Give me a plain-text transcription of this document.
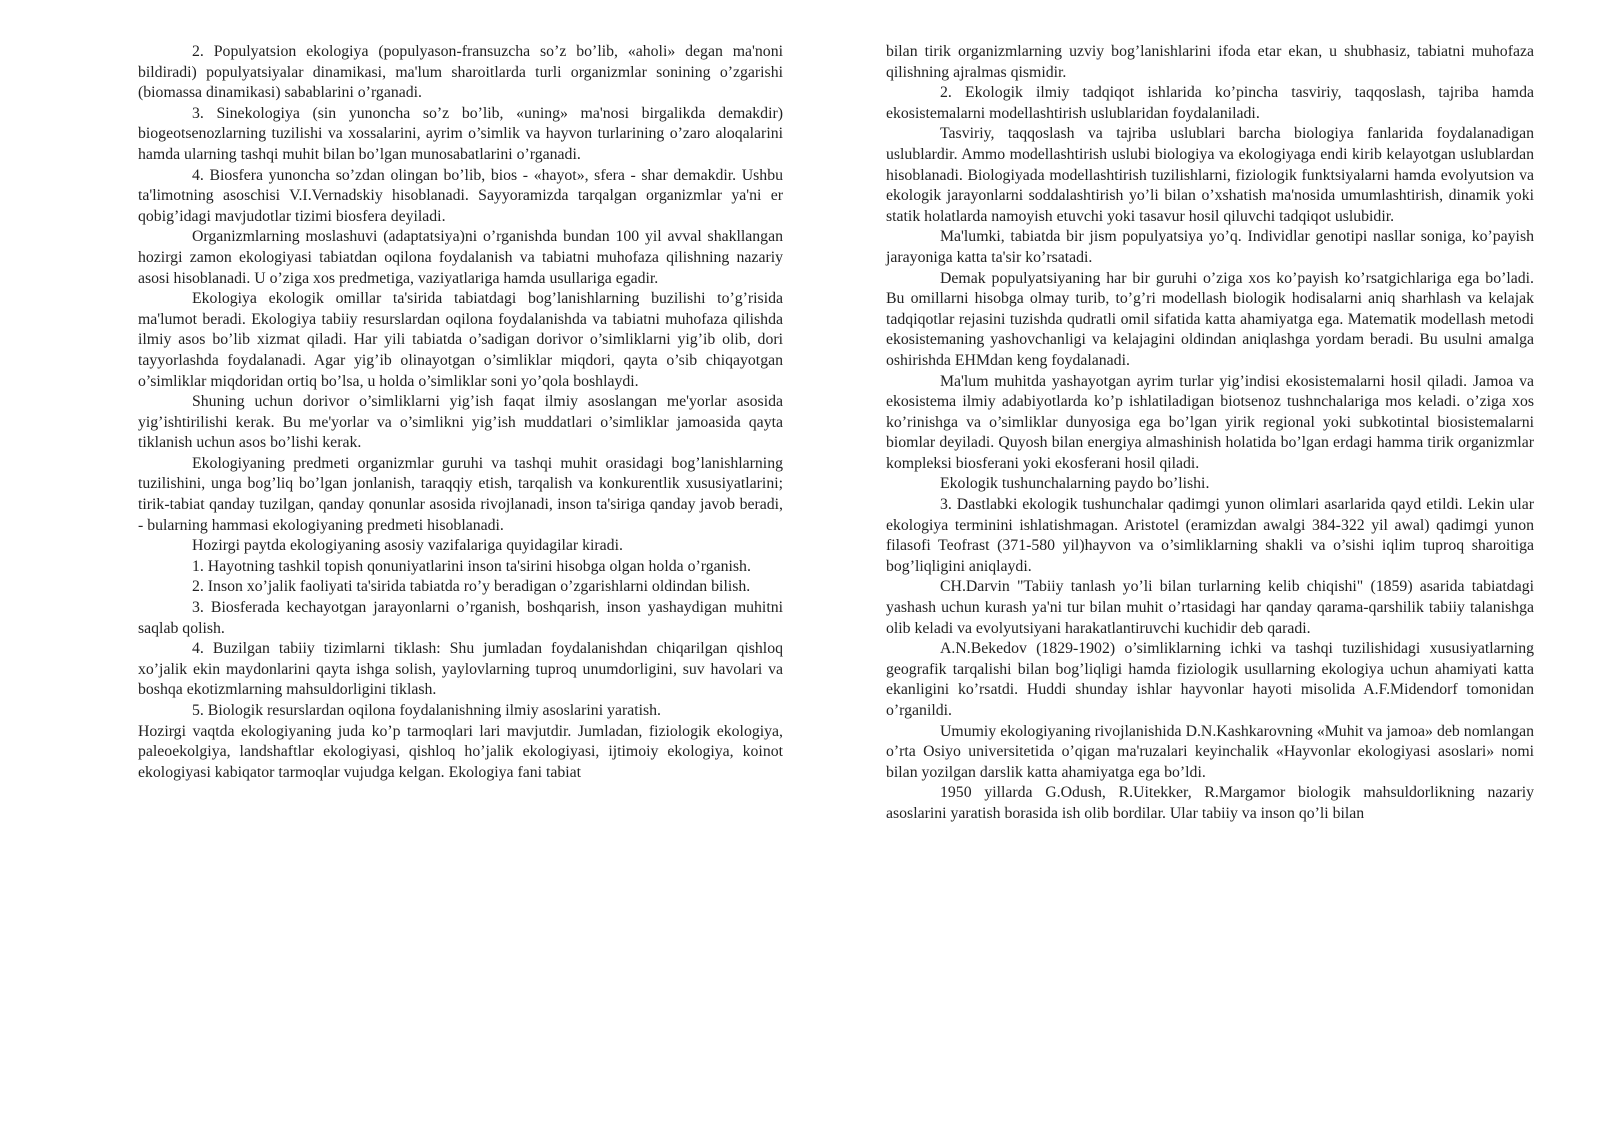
2. Populyatsion ekologiya (populyason-fransuzcha so’z bo’lib, «aholi» degan ma'noni bildiradi) populyatsiyalar dinamikasi, ma'lum sharoitlarda turli organizmlar sonining o’zgarishi (biomassa dinamikasi) sabablarini o’rganadi.

3. Sinekologiya (sin yunoncha so’z bo’lib, «uning» ma'nosi birgalikda demakdir) biogeotsenozlarning tuzilishi va xossalarini, ayrim o’simlik va hayvon turlarining o’zaro aloqalarini hamda ularning tashqi muhit bilan bo’lgan munosabatlarini o’rganadi.

4. Biosfera yunoncha so’zdan olingan bo’lib, bios - «hayot», sfera - shar demakdir. Ushbu ta'limotning asoschisi V.I.Vernadskiy hisoblanadi. Sayyoramizda tarqalgan organizmlar ya'ni er qobig’idagi mavjudotlar tizimi biosfera deyiladi.

Organizmlarning moslashuvi (adaptatsiya)ni o’rganishda bundan 100 yil avval shakllangan hozirgi zamon ekologiyasi tabiatdan oqilona foydalanish va tabiatni muhofaza qilishning nazariy asosi hisoblanadi. U o’ziga xos predmetiga, vaziyatlariga hamda usullariga egadir.

Ekologiya ekologik omillar ta'sirida tabiatdagi bog’lanishlarning buzilishi to’g’risida ma'lumot beradi. Ekologiya tabiiy resurslardan oqilona foydalanishda va tabiatni muhofaza qilishda ilmiy asos bo’lib xizmat qiladi. Har yili tabiatda o’sadigan dorivor o’simliklarni yig’ib olib, dori tayyorlashda foydalanadi. Agar yig’ib olinayotgan o’simliklar miqdori, qayta o’sib chiqayotgan o’simliklar miqdoridan ortiq bo’lsa, u holda o’simliklar soni yo’qola boshlaydi.

Shuning uchun dorivor o’simliklarni yig’ish faqat ilmiy asoslangan me'yorlar asosida yig’ishtirilishi kerak. Bu me'yorlar va o’simlikni yig’ish muddatlari o’simliklar jamoasida qayta tiklanish uchun asos bo’lishi kerak.

Ekologiyaning predmeti organizmlar guruhi va tashqi muhit orasidagi bog’lanishlarning tuzilishini, unga bog’liq bo’lgan jonlanish, taraqqiy etish, tarqalish va konkurentlik xususiyatlarini; tirik-tabiat qanday tuzilgan, qanday qonunlar asosida rivojlanadi, inson ta'siriga qanday javob beradi, - bularning hammasi ekologiyaning predmeti hisoblanadi.

Hozirgi paytda ekologiyaning asosiy vazifalariga quyidagilar kiradi.

1. Hayotning tashkil topish qonuniyatlarini inson ta'sirini hisobga olgan holda o’rganish.

2. Inson xo’jalik faoliyati ta'sirida tabiatda ro’y beradigan o’zgarishlarni oldindan bilish.

3. Biosferada kechayotgan jarayonlarni o’rganish, boshqarish, inson yashaydigan muhitni saqlab qolish.

4. Buzilgan tabiiy tizimlarni tiklash: Shu jumladan foydalanishdan chiqarilgan qishloq xo’jalik ekin maydonlarini qayta ishga solish, yaylovlarning tuproq unumdorligini, suv havolari va boshqa ekotizmlarning mahsuldorligini tiklash.

5. Biologik resurslardan oqilona foydalanishning ilmiy asoslarini yaratish.

Hozirgi vaqtda ekologiyaning juda ko’p tarmoqlari lari mavjutdir. Jumladan, fiziologik ekologiya, paleoekolgiya, landshaftlar ekologiyasi, qishloq ho’jalik ekologiyasi, ijtimoiy ekologiya, koinot ekologiyasi kabiqator tarmoqlar vujudga kelgan. Ekologiya fani tabiat

bilan tirik organizmlarning uzviy bog’lanishlarini ifoda etar ekan, u shubhasiz, tabiatni muhofaza qilishning ajralmas qismidir.

2. Ekologik ilmiy tadqiqot ishlarida ko’pincha tasviriy, taqqoslash, tajriba hamda ekosistemalarni modellashtirish uslublaridan foydalaniladi.

Tasviriy, taqqoslash va tajriba uslublari barcha biologiya fanlarida foydalanadigan uslublardir. Ammo modellashtirish uslubi biologiya va ekologiyaga endi kirib kelayotgan uslublardan hisoblanadi. Biologiyada modellashtirish tuzilishlarni, fiziologik funktsiyalarni hamda evolyutsion va ekologik jarayonlarni soddalashtirish yo’li bilan o’xshatish ma'nosida umumlashtirish, dinamik yoki statik holatlarda namoyish etuvchi yoki tasavur hosil qiluvchi tadqiqot uslubidir.

Ma'lumki, tabiatda bir jism populyatsiya yo’q. Individlar genotipi nasllar soniga, ko’payish jarayoniga katta ta'sir ko’rsatadi.

Demak populyatsiyaning har bir guruhi o’ziga xos ko’payish ko’rsatgichlariga ega bo’ladi. Bu omillarni hisobga olmay turib, to’g’ri modellash biologik hodisalarni aniq sharhlash va kelajak tadqiqotlar rejasini tuzishda qudratli omil sifatida katta ahamiyatga ega. Matematik modellash metodi ekosistemaning yashovchanligi va kelajagini oldindan aniqlashga yordam beradi. Bu usulni amalga oshirishda EHMdan keng foydalanadi.

Ma'lum muhitda yashayotgan ayrim turlar yig’indisi ekosistemalarni hosil qiladi. Jamoa va ekosistema ilmiy adabiyotlarda ko’p ishlatiladigan biotsenoz tushnchalariga mos keladi. o’ziga xos ko’rinishga va o’simliklar dunyosiga ega bo’lgan yirik regional yoki subkotintal biosistemalarni biomlar deyiladi. Quyosh bilan energiya almashinish holatida bo’lgan erdagi hamma tirik organizmlar kompleksi biosferani yoki ekosferani hosil qiladi.

Ekologik tushunchalarning paydo bo’lishi.

3. Dastlabki ekologik tushunchalar qadimgi yunon olimlari asarlarida qayd etildi. Lekin ular ekologiya terminini ishlatishmagan. Aristotel (eramizdan awalgi 384-322 yil awal) qadimgi yunon filasofi Teofrast (371-580 yil)hayvon va o’simliklarning shakli va o’sishi iqlim tuproq sharoitiga bog’liqligini aniqlaydi.

CH.Darvin "Tabiiy tanlash yo’li bilan turlarning kelib chiqishi" (1859) asarida tabiatdagi yashash uchun kurash ya'ni tur bilan muhit o’rtasidagi har qanday qarama-qarshilik tabiiy talanishga olib keladi va evolyutsiyani harakatlantiruvchi kuchidir deb qaradi.

A.N.Bekedov (1829-1902) o’simliklarning ichki va tashqi tuzilishidagi xususiyatlarning geografik tarqalishi bilan bog’liqligi hamda fiziologik usullarning ekologiya uchun ahamiyati katta ekanligini ko’rsatdi. Huddi shunday ishlar hayvonlar hayoti misolida A.F.Midendorf tomonidan o’rganildi.

Umumiy ekologiyaning rivojlanishida D.N.Kashkarovning «Muhit va jamoa» deb nomlangan o’rta Osiyo universitetida o’qigan ma'ruzalari keyinchalik «Hayvonlar ekologiyasi asoslari» nomi bilan yozilgan darslik katta ahamiyatga ega bo’ldi.

1950 yillarda G.Odush, R.Uitekker, R.Margamor biologik mahsuldorlikning nazariy asoslarini yaratish borasida ish olib bordilar. Ular tabiiy va inson qo’li bilan
